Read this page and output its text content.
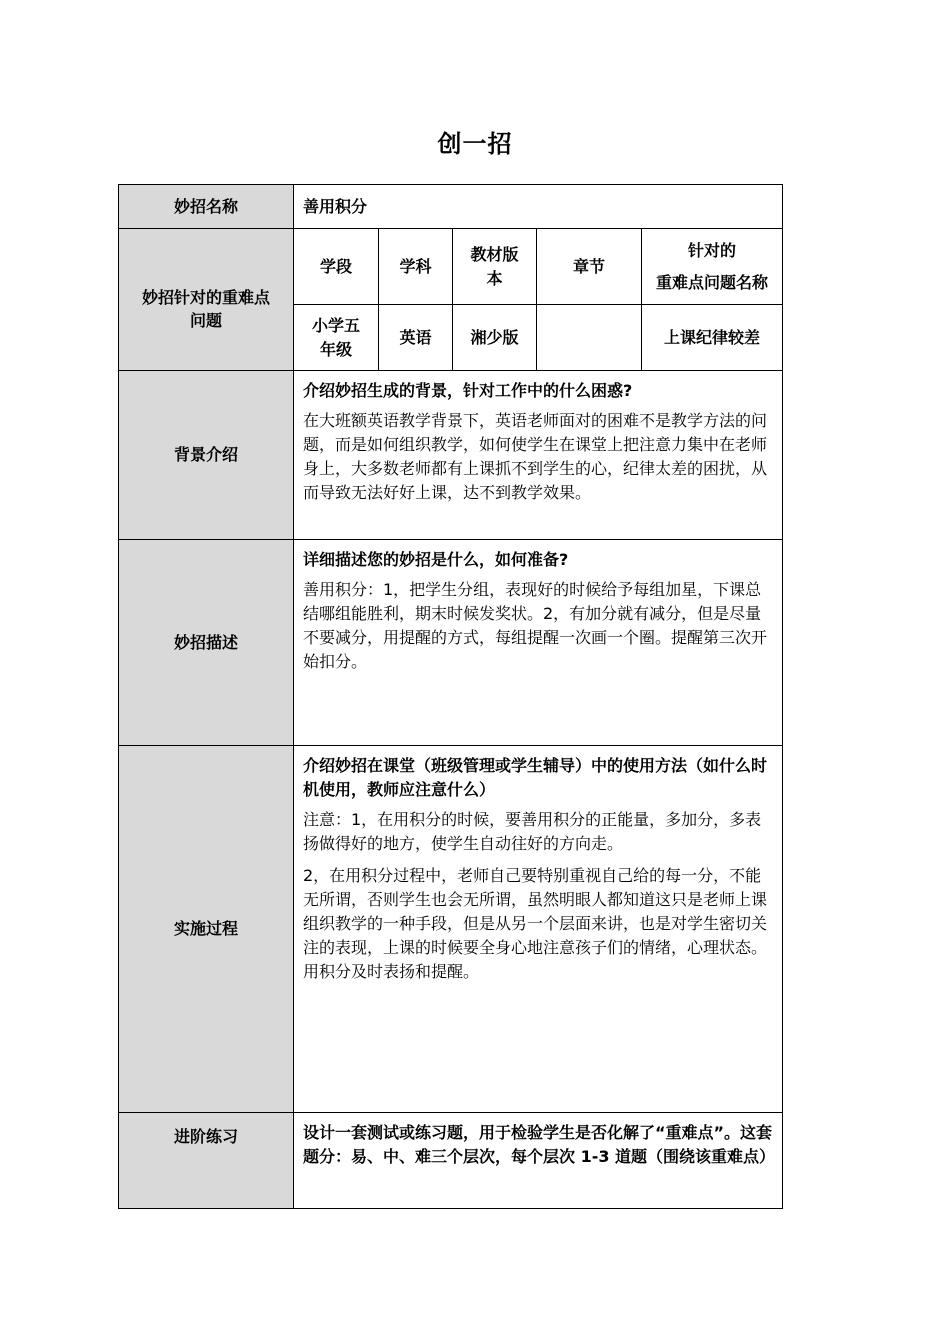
创一招
妙招名称	善用积分				
妙招针对的重难点问题	学段	学科	教材版本	章节	针对的
重难点问题名称

	小学五年级	英语	湘少版		上课纪律较差
背景介绍	介绍妙招生成的背景，针对工作中的什么困惑?
在大班额英语教学背景下，英语老师面对的困难不是教学方法的问题，而是如何组织教学，如何使学生在课堂上把注意力集中在老师身上，大多数老师都有上课抓不到学生的心，纪律太差的困扰，从而导致无法好好上课，达不到教学效果。				

妙招描述	详细描述您的妙招是什么，如何准备?
善用积分：1，把学生分组，表现好的时候给予每组加星，下课总结哪组能胜利，期末时候发奖状。2，有加分就有减分，但是尽量不要减分，用提醒的方式，每组提醒一次画一个圈。提醒第三次开始扣分。				

实施过程	介绍妙招在课堂（班级管理或学生辅导）中的使用方法（如什么时机使用，教师应注意什么）
注意：1，在用积分的时候，要善用积分的正能量，多加分，多表扬做得好的地方，使学生自动往好的方向走。
2，在用积分过程中，老师自己要特别重视自己给的每一分，不能无所谓，否则学生也会无所谓，虽然明眼人都知道这只是老师上课组织教学的一种手段，但是从另一个层面来讲，也是对学生密切关注的表现，上课的时候要全身心地注意孩子们的情绪，心理状态。用积分及时表扬和提醒。				

进阶练习	设计一套测试或练习题，用于检验学生是否化解了“重难点”。这套题分：易、中、难三个层次，每个层次 1-3 道题（围绕该重难点）				
